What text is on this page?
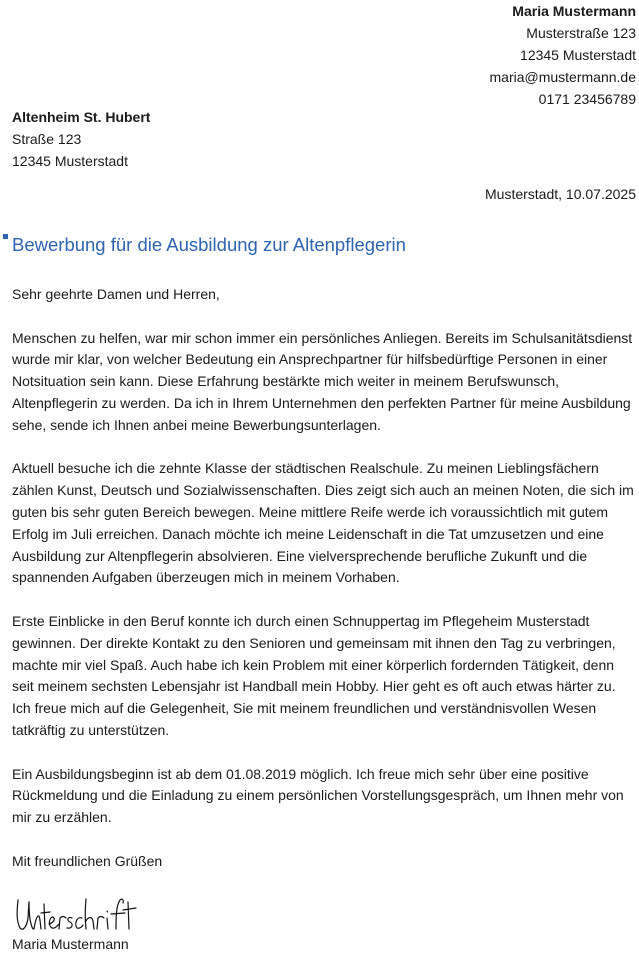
Maria Mustermann
Musterstraße 123
12345 Musterstadt
maria@mustermann.de
0171 23456789
Altenheim St. Hubert
Straße 123
12345 Musterstadt
Musterstadt, 10.07.2025
Bewerbung für die Ausbildung zur Altenpflegerin

Sehr geehrte Damen und Herren,

Menschen zu helfen, war mir schon immer ein persönliches Anliegen. Bereits im Schulsanitätsdienst wurde mir klar, von welcher Bedeutung ein Ansprechpartner für hilfsbedürftige Personen in einer Notsituation sein kann. Diese Erfahrung bestärkte mich weiter in meinem Berufswunsch, Altenpflegerin zu werden. Da ich in Ihrem Unternehmen den perfekten Partner für meine Ausbildung sehe, sende ich Ihnen anbei meine Bewerbungsunterlagen.

Aktuell besuche ich die zehnte Klasse der städtischen Realschule. Zu meinen Lieblingsfächern zählen Kunst, Deutsch und Sozialwissenschaften. Dies zeigt sich auch an meinen Noten, die sich im guten bis sehr guten Bereich bewegen. Meine mittlere Reife werde ich voraussichtlich mit gutem Erfolg im Juli erreichen. Danach möchte ich meine Leidenschaft in die Tat umzusetzen und eine Ausbildung zur Altenpflegerin absolvieren. Eine vielversprechende berufliche Zukunft und die spannenden Aufgaben überzeugen mich in meinem Vorhaben.

Erste Einblicke in den Beruf konnte ich durch einen Schnuppertag im Pflegeheim Musterstadt gewinnen. Der direkte Kontakt zu den Senioren und gemeinsam mit ihnen den Tag zu verbringen, machte mir viel Spaß. Auch habe ich kein Problem mit einer körperlich fordernden Tätigkeit, denn seit meinem sechsten Lebensjahr ist Handball mein Hobby. Hier geht es oft auch etwas härter zu. Ich freue mich auf die Gelegenheit, Sie mit meinem freundlichen und verständnisvollen Wesen tatkräftig zu unterstützen.

Ein Ausbildungsbeginn ist ab dem 01.08.2019 möglich. Ich freue mich sehr über eine positive Rückmeldung und die Einladung zu einem persönlichen Vorstellungsgespräch, um Ihnen mehr von mir zu erzählen.

Mit freundlichen Grüßen

Maria Mustermann
